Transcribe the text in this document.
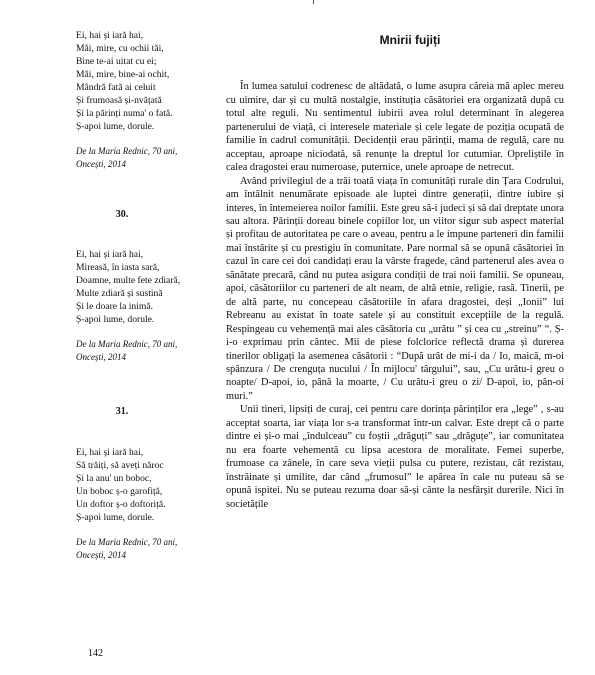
Ei, hai și iară hai,
Măi, mire, cu ochii tăi,
Bine te-ai uitat cu ei;
Măi, mire, bine-ai ochit,
Mândră fată ai celuit
Și frumoasă și-nvățată
Și la părinți numa' o fată.
Ș-apoi lume, dorule.
De la Maria Rednic, 70 ani,
Oncești, 2014
30.
Ei, hai și iară hai,
Mireasă, în iasta sară,
Doamne, multe fete zdiară,
Multe zdiară și sustină
Și le doare la inimă.
Ș-apoi lume, dorule.
De la Maria Rednic, 70 ani,
Oncești, 2014
31.
Ei, hai și iară hai,
Să trăiți, să aveți năroc
Și la anu' un boboc,
Un boboc ș-o garofiță,
Un doftor ș-o doftoriță.
Ș-apoi lume, dorule.
De la Maria Rednic, 70 ani,
Oncești, 2014
Mnirii fujiți

În lumea satului codrenesc de altădată, o lume asupra căreia mă aplec mereu cu uimire, dar și cu multă nostalgie, instituția căsătoriei era organizată după cu totul alte reguli. Nu sentimentul iubirii avea rolul determinant în alegerea partenerului de viață, ci interesele materiale și cele legate de poziția ocupată de familie în cadrul comunității. Decidenții erau părinții, mama de regulă, care nu acceptau, aproape niciodată, să renunțe la dreptul lor cutumiar. Opreliștile în calea dragostei erau numeroase, puternice, unele aproape de netrecut.

Având privilegiul de a trăi toată viața în comunități rurale din Țara Codrului, am întâlnit nenumărate episoade ale luptei dintre generații, dintre iubire și interes, în întemeierea noilor familii. Este greu să-i judeci și să dai dreptate unora sau altora. Părinții doreau binele copiilor lor, un viitor sigur sub aspect material și profitau de autoritatea pe care o aveau, pentru a le impune parteneri din familii mai înstărite și cu prestigiu în comunitate. Pare normal să se opună căsătoriei în cazul în care cei doi candidați erau la vârste fragede, când partenerul ales avea o sănătate precară, când nu putea asigura condiții de trai noii familii. Se opuneau, apoi, căsătoriilor cu parteneri de alt neam, de altă etnie, religie, rasă. Tinerii, pe de altă parte, nu concepeau căsătoriile în afara dragostei, deși „Ionii” lui Rebreanu au existat în toate satele și au constituit excepțiile de la regulă. Respingeau cu vehemență mai ales căsătoria cu „urâtu ” și cea cu „streinu” “. Ș-i-o exprimau prin cântec. Mii de piese folclorice reflectă drama și durerea tinerilor obligați la asemenea căsătorii : “După urât de mi-i da / Io, maică, m-oi spânzura / De crenguța nucului / În mijlocu' târgului”, sau, „Cu urâtu-i greu o noapte/ D-apoi, io, până la moarte, / Cu urâtu-i greu o zi/ D-apoi, io, păn-oi muri.”

Unii tineri, lipsiți de curaj, cei pentru care dorința părinților era „lege” , s-au acceptat soarta, iar viața lor s-a transformat într-un calvar. Este drept că o parte dintre ei și-o mai „îndulceau” cu foștii „drăguți” sau „drăguțe”, iar comunitatea nu era foarte vehementă cu lipsa acestora de moralitate. Femei superbe, frumoase ca zânele, în care seva vieții pulsa cu putere, rezistau, cât rezistau, înstrăinate și umilite, dar când „frumosul” le apărea în cale nu puteau să se opună ispitei. Nu se puteau rezuma doar să-și cânte la nesfârșit durerile. Nici în societățile

142
